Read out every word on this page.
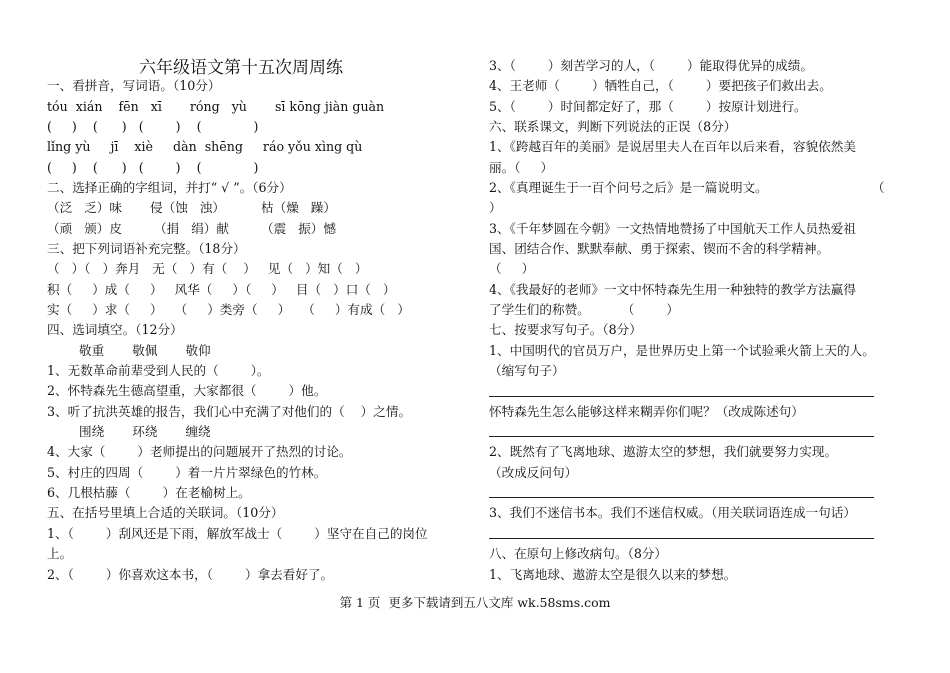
六年级语文第十五次周周练
一、看拼音，写词语。（10分）
tóu  xián    fēn   xī       róng   yù       sī kōng jiàn guàn
(     )    (      )   (        )    (             )
lǐng yù     jī    xiè     dàn  shēng     ráo yǒu xìng qù
(     )    (      )   (        )    (             )
二、选择正确的字组词，并打“ √ ”。（6分）
（泛   乏）味       侵（蚀   浊）         枯（燥   躁）
（顽   颁）皮        （捐   绢）献        （震   振）憾
三、把下列词语补充完整。（18分）
（   ）（   ）奔月   无（   ）有（    ）   见（   ）知（   ）
积（     ）成（     ）   风华（     ）（     ）   目（   ）口（   ）
实（     ）求（     ）   （     ）类旁（     ）   （     ）有成（   ）
四、选词填空。（12分）
敬重       敬佩       敬仰
1、无数革命前辈受到人民的（        ）。
2、怀特森先生德高望重，大家都很（        ）他。
3、听了抗洪英雄的报告，我们心中充满了对他们的（    ）之情。
围绕       环绕       缠绕
4、大家（        ）老师提出的问题展开了热烈的讨论。
5、村庄的四周（        ）着一片片翠绿色的竹林。
6、几根枯藤（        ）在老榆树上。
五、在括号里填上合适的关联词。（10分）
1、（        ）刮风还是下雨，解放军战士（        ）坚守在自己的岗位
上。
2、（        ）你喜欢这本书，（        ）拿去看好了。
3、（        ）刻苦学习的人，（        ）能取得优异的成绩。
4、王老师（        ）牺牲自己，（        ）要把孩子们救出去。
5、（        ）时间都定好了，那（        ）按原计划进行。
六、联系课文，判断下列说法的正误（8分）
1、《跨越百年的美丽》是说居里夫人在百年以后来看，容貌依然美
丽。（     ）
2、《真理诞生于一百个问号之后》是一篇说明文。                          （
）
3、《千年梦圆在今朝》一文热情地赞扬了中国航天工作人员热爱祖
国、团结合作、默默奉献、勇于探索、锲而不舍的科学精神。
（     ）
4、《我最好的老师》一文中怀特森先生用一种独特的教学方法赢得
了学生们的称赞。        （        ）
七、按要求写句子。（8分）
1、中国明代的官员万户，是世界历史上第一个试验乘火箭上天的人。
（缩写句子）
怀特森先生怎么能够这样来糊弄你们呢？（改成陈述句）
2、既然有了飞离地球、遨游太空的梦想，我们就要努力实现。
（改成反问句）
3、我们不迷信书本。我们不迷信权威。（用关联词语连成一句话）
八、在原句上修改病句。（8分）
1、飞离地球、遨游太空是很久以来的梦想。
第 1 页  更多下载请到五八文库 wk.58sms.com
